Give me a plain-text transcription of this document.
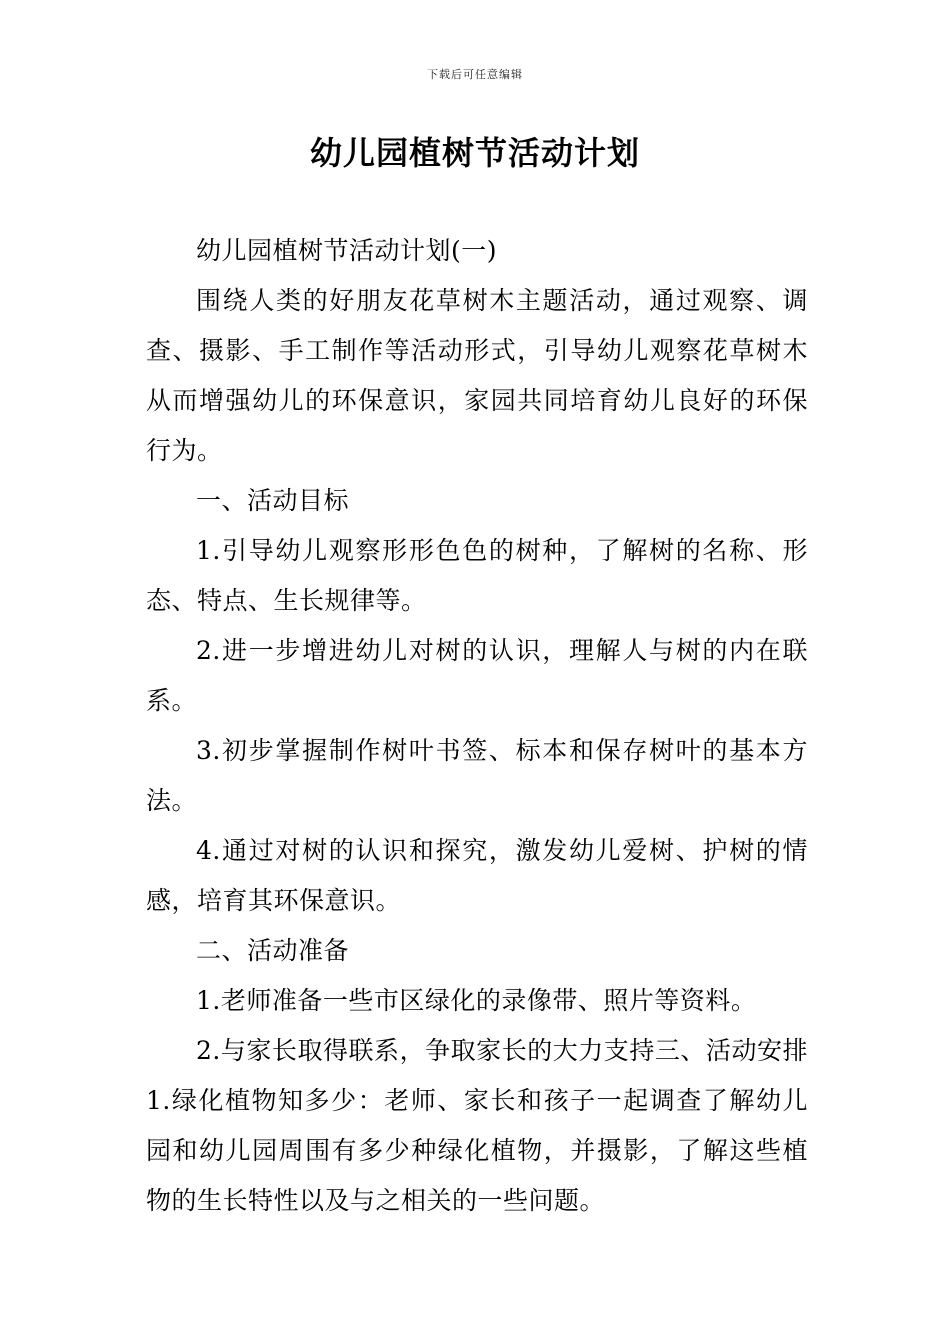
下载后可任意编辑
幼儿园植树节活动计划

幼儿园植树节活动计划(一)

围绕人类的好朋友花草树木主题活动，通过观察、调查、摄影、手工制作等活动形式，引导幼儿观察花草树木从而增强幼儿的环保意识，家园共同培育幼儿良好的环保行为。

一、活动目标

1.引导幼儿观察形形色色的树种，了解树的名称、形态、特点、生长规律等。

2.进一步增进幼儿对树的认识，理解人与树的内在联系。

3.初步掌握制作树叶书签、标本和保存树叶的基本方法。

4.通过对树的认识和探究，激发幼儿爱树、护树的情感，培育其环保意识。

二、活动准备

1.老师准备一些市区绿化的录像带、照片等资料。

2.与家长取得联系，争取家长的大力支持三、活动安排1.绿化植物知多少：老师、家长和孩子一起调查了解幼儿园和幼儿园周围有多少种绿化植物，并摄影，了解这些植物的生长特性以及与之相关的一些问题。
